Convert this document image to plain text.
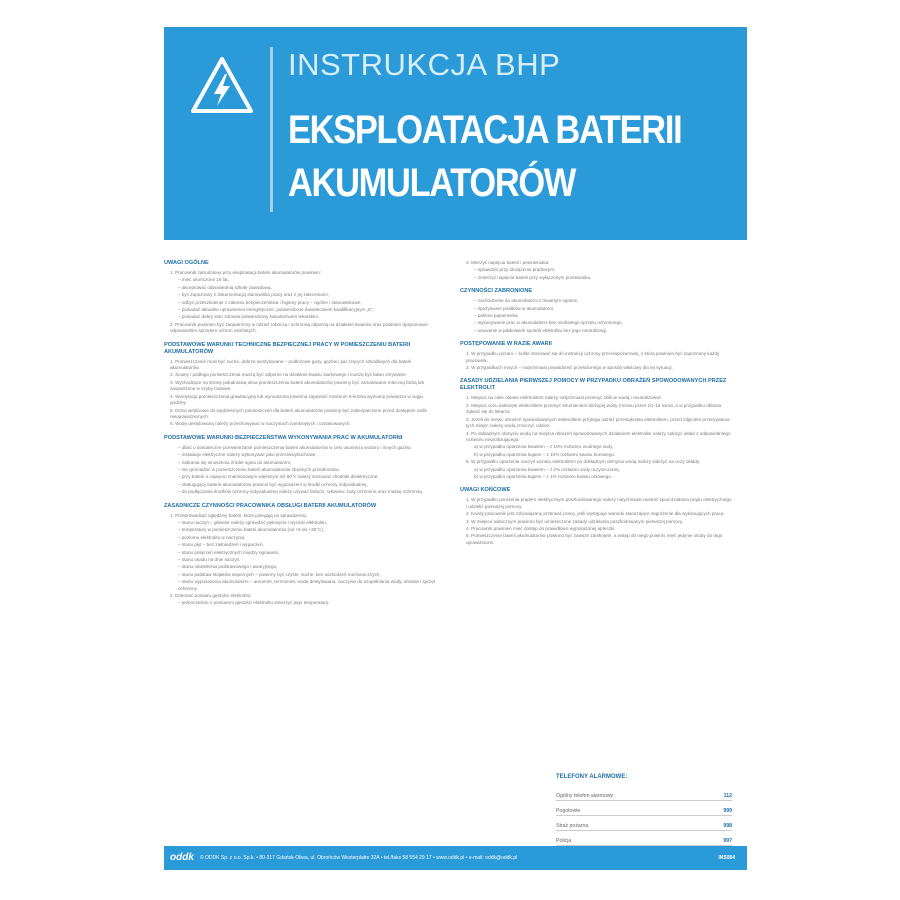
INSTRUKCJA BHP
EKSPLOATACJA BATERII
AKUMULATORÓW
UWAGI OGÓLNE
1. Pracownik zatrudniony przy eksploatacji baterii akumulatorów powinien:
– mieć ukończone 18 lat,
– akceptować odpowiednią szkołę zawodową,
– być zapoznany z dokumentacją stanowiska pracy oraz z jej zaleceniami,
– odbyć przeszkolenie z zakresu bezpieczeństwa i higieny pracy – ogólne i stanowiskowe,
– posiadać aktualne uprawnienia energetyczne, potwierdzone świadectwem kwalifikacyjnym „E”,
– posiadać dobry stan zdrowia potwierdzony świadectwem lekarskim.
2. Pracownik powinien być zaopatrzony w odzież roboczą i ochronną odporną na działanie kwasów oraz powinien dysponować odpowiednim sprzętem ochron osobistych.
PODSTAWOWE WARUNKI TECHNICZNE BEZPIECZNEJ PRACY W POMIESZCZENIU BATERII AKUMULATORÓW
1. Pomieszczenie musi być suche, dobrze wentylowane – podłożowe gazy, gazów i par żrących szkodliwych dla baterii akumulatorów.
2. Ściany i podłoga pomieszczenia muszą być odporne na działanie kwasu siarkowego i muszą być łatwo zmywalne.
3. Wychodzące na stronę południową okna pomieszczenia baterii akumulatorów powinny być zamalowane mleczną farbą lub zaopatrzone w szyby matowe.
4. Wentylacja pomieszczenia grawitacyjna lub wymuszona powinna zapewnić minimum 6-krotną wymianę powietrza w ciągu godziny.
5. Drzwi wejściowe do wydzielonych pomieszczeń dla baterii akumulatorów powinny być zabezpieczone przed dostępem osób nieupoważnionych.
6. Wodę destylowaną należy przechowywać w naczyniach zamkniętych i oznakowanych.
PODSTAWOWE WARUNKI BEZPIECZEŃSTWA WYKONYWANIA PRAC W AKUMULATORNI
– dbać o dostateczne przewietrzanie pomieszczenia baterii akumulatorów w celu usunięcia wodoru i innych gazów,
– instalacje elektryczne należy wykonywać jako przeciwwybuchowe,
– zabrania się wnoszenia źródeł ognia do akumulatorni,
– nie gromadzić w pomieszczeniu baterii akumulatorów zbędnych przedmiotów,
– przy baterii o napięciu znamionowym większym niż 60 V należy stosować chodniki dielektryczne,
– obsługujący baterie akumulatorów powinni być wyposażeni w środki ochrony indywidualnej,
– do podłączania środków ochrony indywidualnej należy używać fartuch, rękawice, buty ochronne oraz maskę ochronną.
ZASADNICZE CZYNNOŚCI PRACOWNIKA OBSŁUGI BATERII AKUMULATORÓW
1. Przeprowadzać oględziny baterii, które polegają na sprawdzeniu:
– stanu naczyń – głównie należy sprawdzić pęknięcia i wycieki elektrolitu,
– temperatury w pomieszczeniu baterii akumulatorów (od +5 do +35°C),
– poziomu elektrolitu w naczyniu,
– stanu płyt – bez zaśniedzeń i wypaczeń,
– stanu połączeń elektrycznych między ogniwami,
– stanu osadu na dnie naczyń,
– stanu oświetlenia podstawowego i awaryjnego,
– stanu podstaw stojaków wspornych – powinny być czyste, suche, bez uszkodzeń mechanicznych,
– stanu wyposażenia akumulatorni – areometr, termometr, woda destylowana, naczynie do uzupełniania wody, ubranie i sprzęt ochronny.
2. Dokonać pomiaru gęstości elektrolitu:
– jednocześnie z pomiarem gęstości elektrolitu zmierzyć jego temperaturę.
3. Mierzyć napięcia baterii i pewnieniaka:
– sprawdzić przy obciążeniu prądowym,
– zmierzyć napięcie baterii przy wyłączonym prostowniku.
CZYNNOŚCI ZABRONIONE
– zachodzenie do akumulatorni z otwartym ogniem,
– spożywanie posiłków w akumulatorni,
– palenie papierosów,
– wykonywanie prac w akumulatorni bez osobistego sprzętu ochronnego,
– usuwanie w jakikolwiek sposób elektrolitu bez jego neutralizacji.
POSTĘPOWANIE W RAZIE AWARII
1. W przypadku pożaru – ściśle stosować się do instrukcji ochrony przeciwpożarowej, z którą powinien być zapoznany każdy pracownik.
2. W przypadkach innych – natychmiast powiadomić przełożonego w sposób właściwy dla tej sytuacji.
ZASADY UDZIELANIA PIERWSZEJ POMOCY W PRZYPADKU OBRAŻEŃ SPOWODOWANYCH PRZEZ ELEKTROLIT
1. Miejsca na ciele oblane elektrolitem należy natychmiast przemyć obficie wodą i neutralizować.
2. Miejsca oczu dotknięte elektrolitem przemyć strumieniem bieżącej wody z kranu przez 10–15 minut, a w przypadku oblania zgłosić się do lekarza.
3. Jeżeli do miejsc obrażeń spowodowanych elektrolitem przylega odzież przesiąknięta elektrolitem, przed zdjęciem przemywania tych miejsc należy wodą zmoczyć odzież.
4. Po dokładnym obmyciu wodą na miejsca obrażeń spowodowanych działaniem elektrolitu należy założyć okład z odpowiedniego roztworu neutralizującego:
a) w przypadku oparzenia kwasem – z 10% roztworu wodnego sody,
b) w przypadku oparzenia ługiem – z 10% roztworu kwasu borowego.
5. W przypadku oparzenia naczyń wzroku elektrolitem po dokładnym obmyciu wodą należy założyć na oczy okłady:
a) w przypadku oparzenia kwasem – z 2% roztworu sody oczyszczonej,
b) w przypadku oparzenia ługiem – z 1% roztworu kwasu octowego.
UWAGI KOŃCOWE
1. W przypadku porażenia prądem elektrycznym poszkodowanego należy natychmiast uwolnić spod działania prądu elektrycznego i udzielić pierwszej pomocy.
2. Każdy pracownik jest zobowiązany przerwać pracę, jeśli występuje warunki stwarzające zagrożenie dla wykonujących pracę.
3. W miejscu widocznym powinno być umieszczone zasady udzielania poszkodowanym pierwszej pomocy.
4. Pracownik powinien mieć dostęp do prawidłowo wyposażonej apteczki.
5. Pomieszczenie baterii akumulatorów powinno być zawsze zamknięte, a wstęp do niego powinni mieć jedynie osoby do tego upoważnione.
TELEFONY ALARMOWE:
Ogólny telefon alarmowy	112
Pogotowie	999
Straż pożarna	998
Policja	997
oddk © ODDK Sp. z o.o. Sp.k. • 80-317 Gdańsk-Oliwa, ul. Obrońców Westerplatte 32A • tel./faks 58 554 29 17 • www.oddk.pl • e-mail: oddk@oddk.pl	INS084
